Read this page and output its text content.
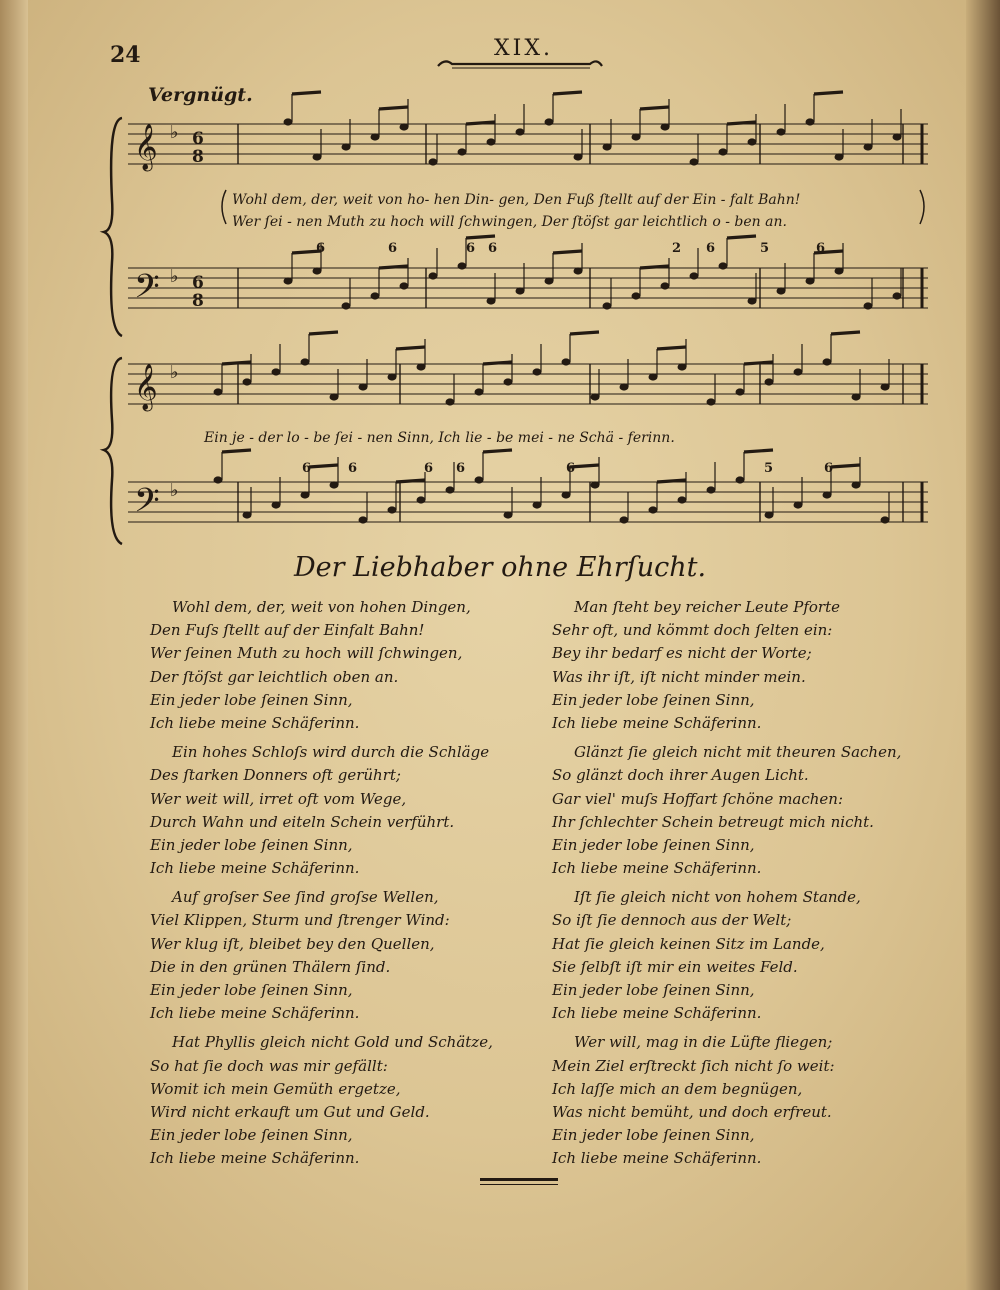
24	XIX.
Vergnügt.
𝄞 ♭ 6
8
𝄢 ♭ 6
8
𝄞 ♭
𝄢 ♭
Wohl dem, der, weit von ho- hen Din- gen, Den Fuß ſtellt auf der Ein - falt Bahn!
Wer ſei - nen Muth zu hoch will ſchwingen, Der ſtöſst gar leichtlich o - ben an.
Ein je - der lo - be ſei - nen Sinn, Ich lie - be mei - ne Schä - ferinn.
6	6	6 6	2 6	5	6
6	6	6 6	6	5	6
Der Liebhaber ohne Ehrſucht.
Wohl dem, der, weit von hohen Dingen,
Den Fuſs ſtellt auf der Einfalt Bahn!
Wer ſeinen Muth zu hoch will ſchwingen,
Der ſtöſst gar leichtlich oben an.
Ein jeder lobe ſeinen Sinn,
Ich liebe meine Schäferinn.
Ein hohes Schloſs wird durch die Schläge
Des ſtarken Donners oft gerührt;
Wer weit will, irret oft vom Wege,
Durch Wahn und eiteln Schein verführt.
Ein jeder lobe ſeinen Sinn,
Ich liebe meine Schäferinn.
Auf groſser See ſind groſse Wellen,
Viel Klippen, Sturm und ſtrenger Wind:
Wer klug iſt, bleibet bey den Quellen,
Die in den grünen Thälern ſind.
Ein jeder lobe ſeinen Sinn,
Ich liebe meine Schäferinn.
Hat Phyllis gleich nicht Gold und Schätze,
So hat ſie doch was mir gefällt:
Womit ich mein Gemüth ergetze,
Wird nicht erkauft um Gut und Geld.
Ein jeder lobe ſeinen Sinn,
Ich liebe meine Schäferinn.
Man ſteht bey reicher Leute Pforte
Sehr oft, und kömmt doch ſelten ein:
Bey ihr bedarf es nicht der Worte;
Was ihr iſt, iſt nicht minder mein.
Ein jeder lobe ſeinen Sinn,
Ich liebe meine Schäferinn.
Glänzt ſie gleich nicht mit theuren Sachen,
So glänzt doch ihrer Augen Licht.
Gar viel' muſs Hoffart ſchöne machen:
Ihr ſchlechter Schein betreugt mich nicht.
Ein jeder lobe ſeinen Sinn,
Ich liebe meine Schäferinn.
Iſt ſie gleich nicht von hohem Stande,
So iſt ſie dennoch aus der Welt;
Hat ſie gleich keinen Sitz im Lande,
Sie ſelbſt iſt mir ein weites Feld.
Ein jeder lobe ſeinen Sinn,
Ich liebe meine Schäferinn.
Wer will, mag in die Lüfte fliegen;
Mein Ziel erſtreckt ſich nicht ſo weit:
Ich laſſe mich an dem begnügen,
Was nicht bemüht, und doch erfreut.
Ein jeder lobe ſeinen Sinn,
Ich liebe meine Schäferinn.
